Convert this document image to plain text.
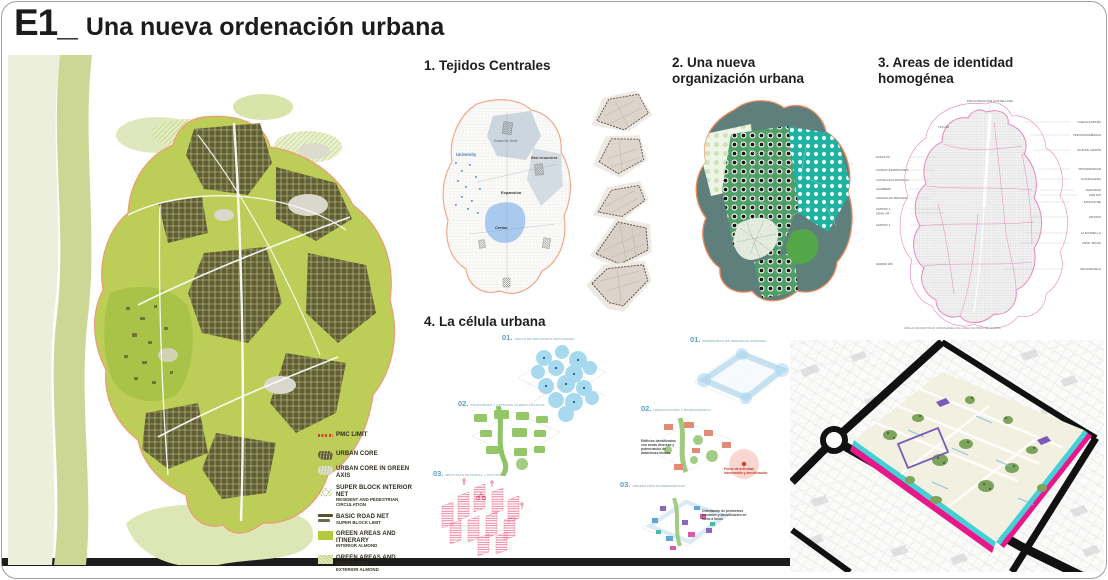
E1_ Una nueva ordenación urbana
PMC LIMIT
URBAN CORE
URBAN CORE IN GREEN AXIS
SUPER BLOCK INTERIOR NET
RESIDENT AND PEDESTRIAN CIRCULATION
BASIC ROAD NET
SUPER BLOCK LIMIT
GREEN AREAS AND ITINERARY
INTERIOR ALMOND
GREEN AREAS AND ITINERARY
EXTERIOR ALMOND
1. Tejidos Centrales
University
Ensanche Norte
East ensanches
Expansión
Center
2. Una nueva
organización urbana
3. Areas de identidad
homogénea
PROLONGACIÓN CASTELLANA
TETUÁN
NUEVA ESPAÑA
HISPANOAMÉRICA
CIUDAD JARDÍN
PROSPERIDAD
GUINDALERA
AVENIDAS
VENTAS
ENSANCHE
RETIRO
LA ESTRELLA
NIÑO JESÚS
ARGANZUELA
MONCLOA
CIUDAD UNIVERSITARIA
CASTELLANA MONCLOA
CHAMBERÍ
ARGÜELLES PRINCESA
CENTRO 1
GRAN VÍA
CENTRO 2
MADRID RÍO
ÁREAS DE IDENTIDAD HOMOGÉNEA DEL ÁREA CENTRAL DE MADRID
4. La célula urbana
01. ÁREAS DE INFLUENCIA DOTACIONAL
02. DOTACIONES Y ESPACIOS VERDES LOCALES
03. MOVILIDAD PEATONAL Y CICLISTA
01. PERÍMETROS DE SERVICIOS URBANOS
02. DENSIFICACIÓN Y ORDENAMIENTO
03. ORDENACIÓN PORMENORIZADA
Edificios densificados con zonas diversas y potenciación de dotaciones locales
Focos de actividad intercambio y densificación
Orientación de perímetros terciarios y densificación en torno a focos
